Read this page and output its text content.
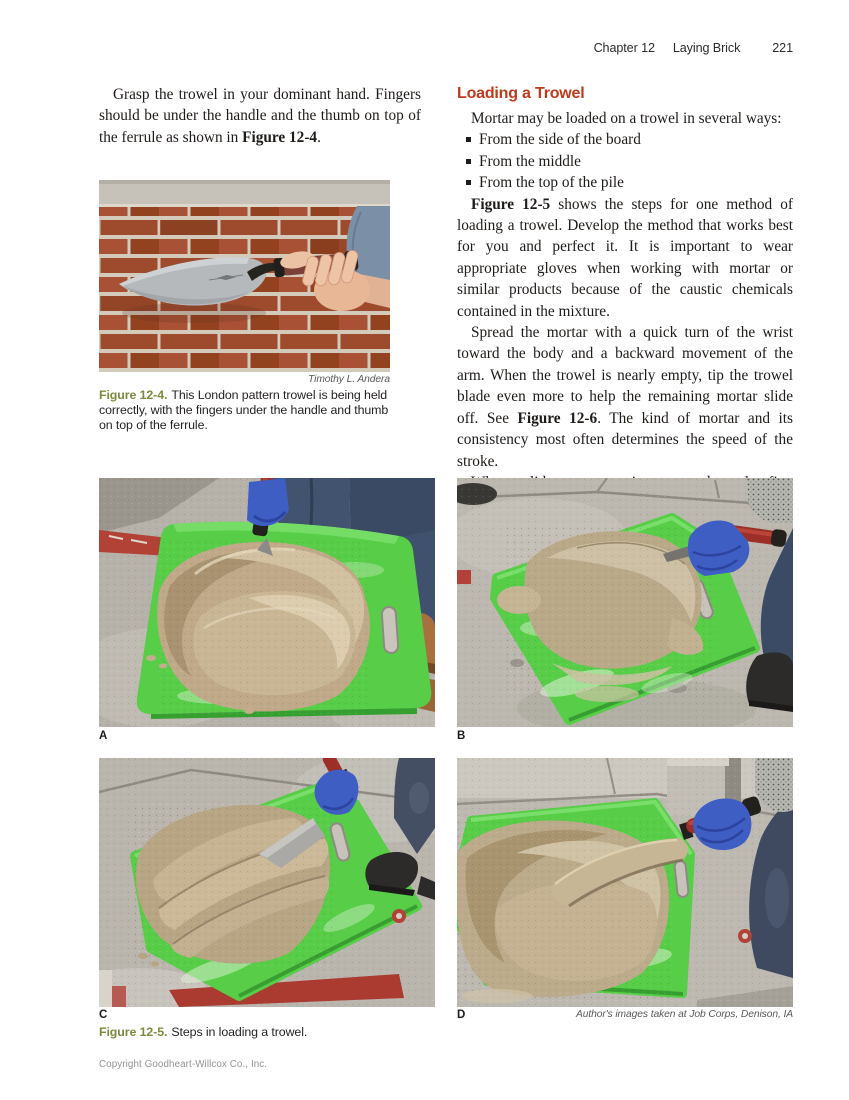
Chapter 12 Laying Brick	221

Grasp the trowel in your dominant hand. Fingers should be under the handle and the thumb on top of the ferrule as shown in Figure 12-4.

Loading a Trowel

Mortar may be loaded on a trowel in several ways:

From the side of the board
From the middle
From the top of the pile

Figure 12-5 shows the steps for one method of loading a trowel. Develop the method that works best for you and perfect it. It is important to wear appropriate gloves when working with mortar or similar products because of the caustic chemicals contained in the mixture.

Spread the mortar with a quick turn of the wrist toward the body and a backward movement of the arm. When the trowel is nearly empty, tip the trowel blade even more to help the remaining mortar slide off. See Figure 12-6. The kind of mortar and its consistency most often determines the speed of the stroke.

Timothy L. Andera
Figure 12-4. This London pattern trowel is being held correctly, with the fingers under the handle and thumb on top of the ferrule.
A	B
C	D	Author's images taken at Job Corps, Denison, IA
Figure 12-5. Steps in loading a trowel.
Copyright Goodheart-Willcox Co., Inc.
